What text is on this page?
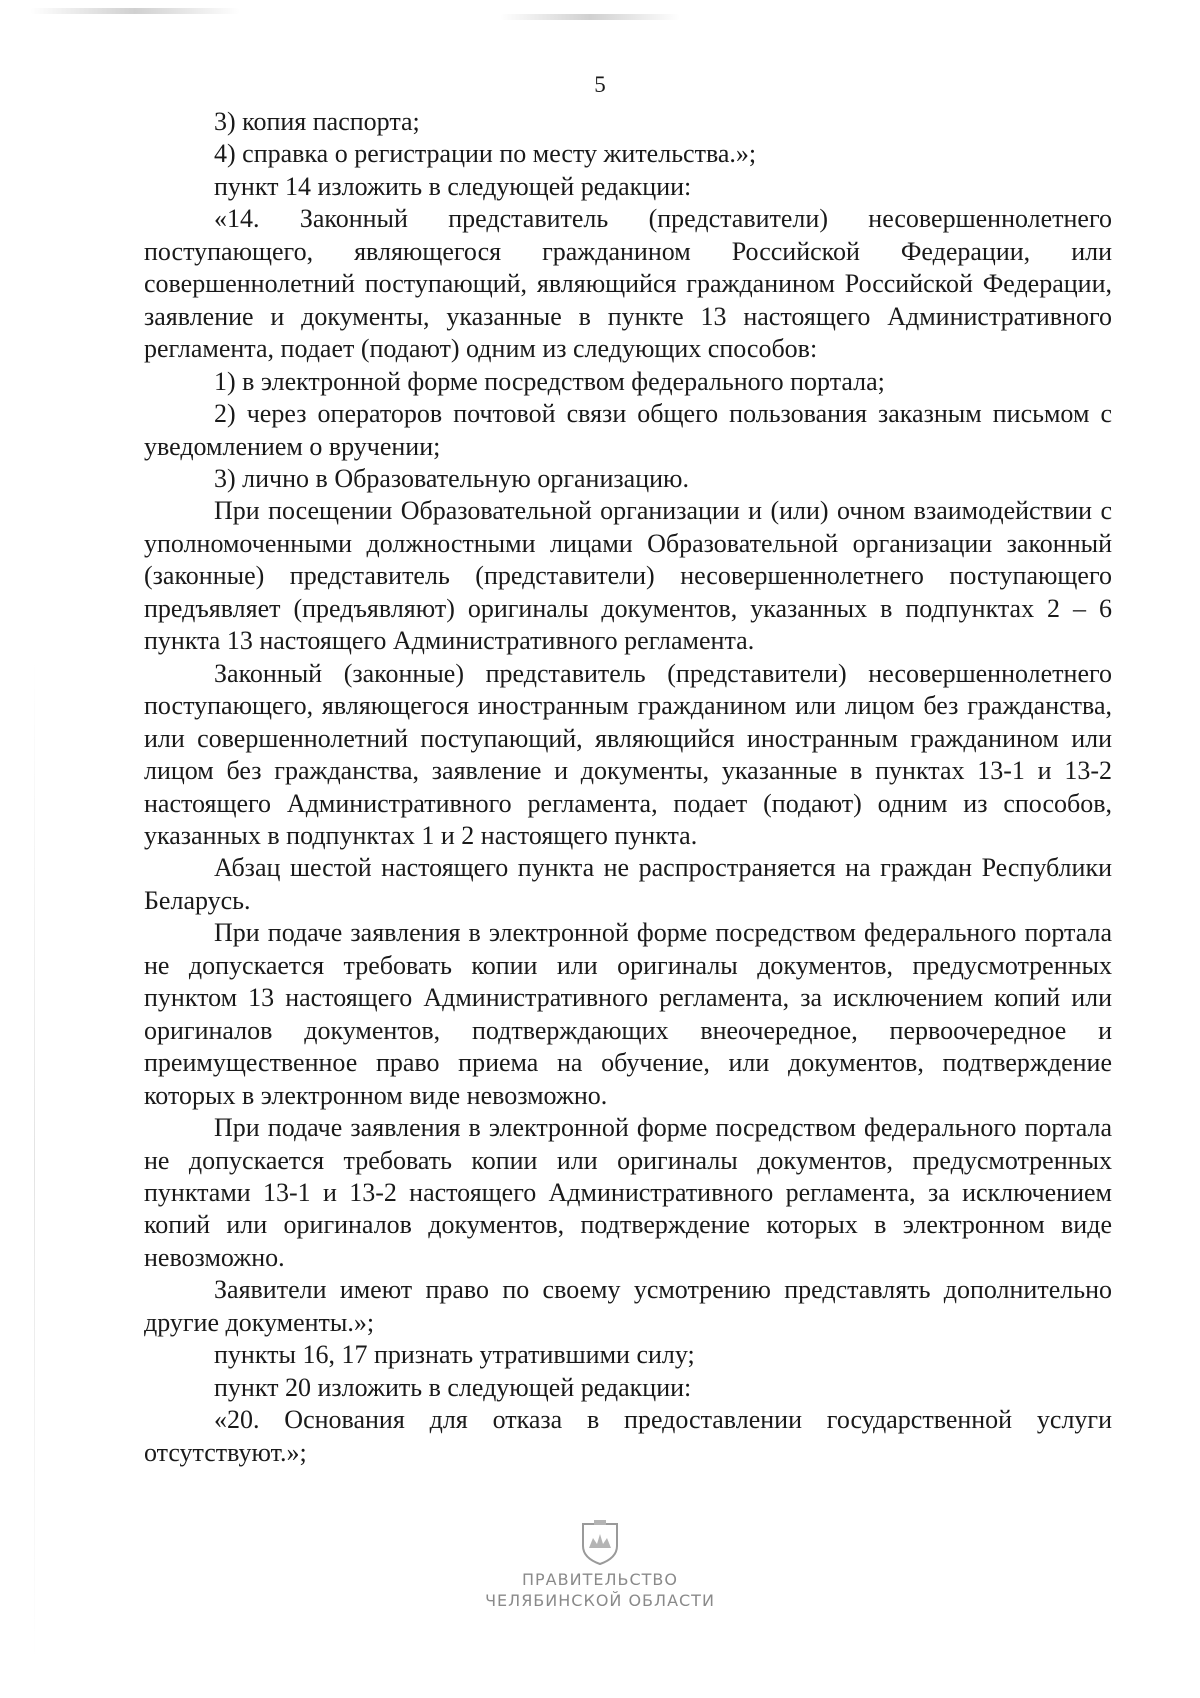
5

3) копия паспорта;

4) справка о регистрации по месту жительства.»;

пункт 14 изложить в следующей редакции:

«14. Законный представитель (представители) несовершеннолетнего поступающего, являющегося гражданином Российской Федерации, или совершеннолетний поступающий, являющийся гражданином Российской Федерации, заявление и документы, указанные в пункте 13 настоящего Административного регламента, подает (подают) одним из следующих способов:

1) в электронной форме посредством федерального портала;

2) через операторов почтовой связи общего пользования заказным письмом с уведомлением о вручении;

3) лично в Образовательную организацию.

При посещении Образовательной организации и (или) очном взаимодействии с уполномоченными должностными лицами Образовательной организации законный (законные) представитель (представители) несовершеннолетнего поступающего предъявляет (предъявляют) оригиналы документов, указанных в подпунктах 2 – 6 пункта 13 настоящего Административного регламента.

Законный (законные) представитель (представители) несовершеннолетнего поступающего, являющегося иностранным гражданином или лицом без гражданства, или совершеннолетний поступающий, являющийся иностранным гражданином или лицом без гражданства, заявление и документы, указанные в пунктах 13-1 и 13-2 настоящего Административного регламента, подает (подают) одним из способов, указанных в подпунктах 1 и 2 настоящего пункта.

Абзац шестой настоящего пункта не распространяется на граждан Республики Беларусь.

При подаче заявления в электронной форме посредством федерального портала не допускается требовать копии или оригиналы документов, предусмотренных пунктом 13 настоящего Административного регламента, за исключением копий или оригиналов документов, подтверждающих внеочередное, первоочередное и преимущественное право приема на обучение, или документов, подтверждение которых в электронном виде невозможно.

При подаче заявления в электронной форме посредством федерального портала не допускается требовать копии или оригиналы документов, предусмотренных пунктами 13-1 и 13-2 настоящего Административного регламента, за исключением копий или оригиналов документов, подтверждение которых в электронном виде невозможно.

Заявители имеют право по своему усмотрению представлять дополнительно другие документы.»;

пункты 16, 17 признать утратившими силу;

пункт 20 изложить в следующей редакции:

«20. Основания для отказа в предоставлении государственной услуги отсутствуют.»;

ПРАВИТЕЛЬСТВО
ЧЕЛЯБИНСКОЙ ОБЛАСТИ
